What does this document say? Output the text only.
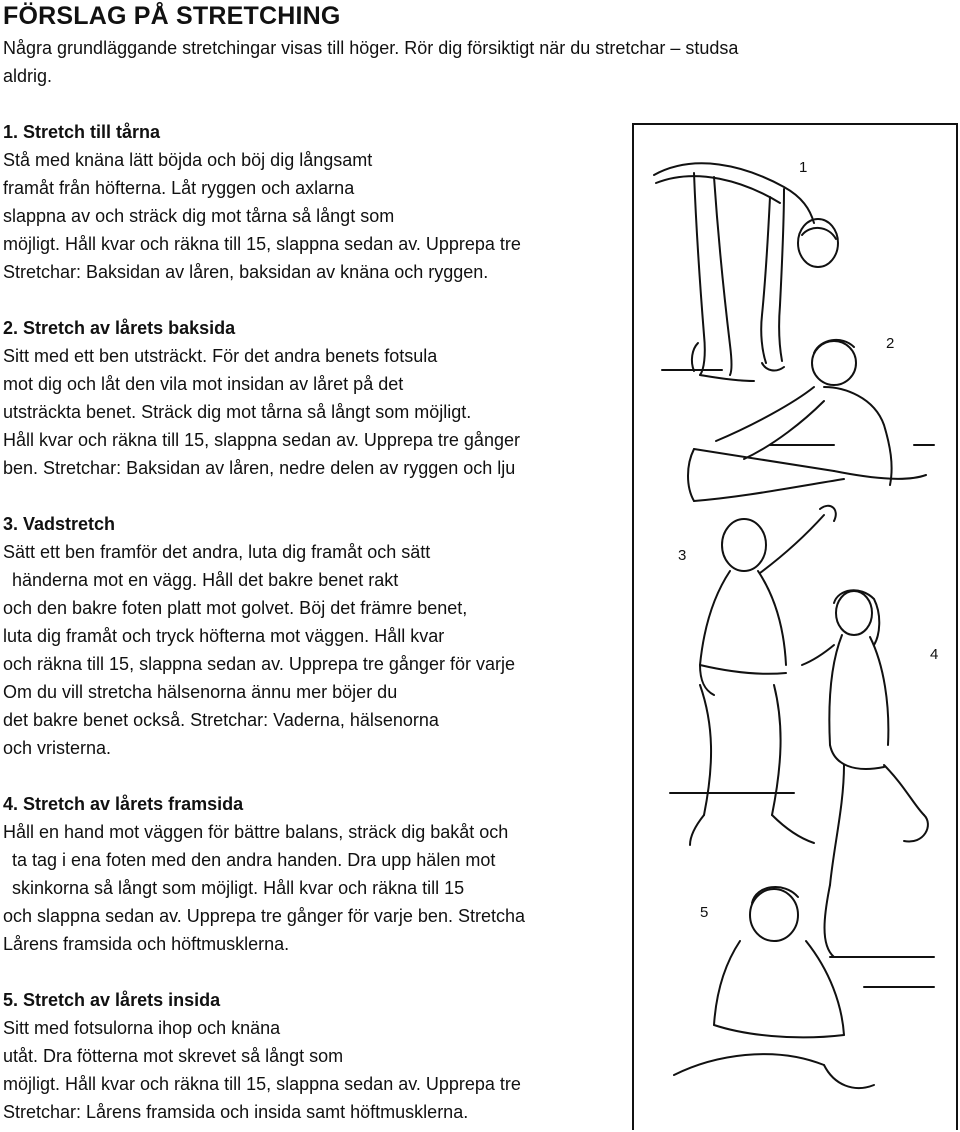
FÖRSLAG PÅ STRETCHING
Några grundläggande stretchingar visas till höger. Rör dig försiktigt när du stretchar – studsa
aldrig.
1. Stretch till tårna
Stå med knäna lätt böjda och böj dig långsamt
framåt från höfterna. Låt ryggen och axlarna
slappna av och sträck dig mot tårna så långt som
möjligt. Håll kvar och räkna till 15, slappna sedan av. Upprepa tre
Stretchar: Baksidan av låren, baksidan av knäna och ryggen.
2. Stretch av lårets baksida
Sitt med ett ben utsträckt. För det andra benets fotsula
mot dig och låt den vila mot insidan av låret på det
utsträckta benet. Sträck dig mot tårna så långt som möjligt.
Håll kvar och räkna till 15, slappna sedan av. Upprepa tre gånger
ben. Stretchar: Baksidan av låren, nedre delen av ryggen och lju
3. Vadstretch
Sätt ett ben framför det andra, luta dig framåt och sätt
händerna mot en vägg. Håll det bakre benet rakt
och den bakre foten platt mot golvet. Böj det främre benet,
luta dig framåt och tryck höfterna mot väggen. Håll kvar
och räkna till 15, slappna sedan av. Upprepa tre gånger för varje
Om du vill stretcha hälsenorna ännu mer böjer du
det bakre benet också. Stretchar: Vaderna, hälsenorna
och vristerna.
4. Stretch av lårets framsida
Håll en hand mot väggen för bättre balans, sträck dig bakåt och
ta tag i ena foten med den andra handen. Dra upp hälen mot
skinkorna så långt som möjligt. Håll kvar och räkna till 15
och slappna sedan av. Upprepa tre gånger för varje ben. Stretcha
Lårens framsida och höftmusklerna.
5. Stretch av lårets insida
Sitt med fotsulorna ihop och knäna
utåt. Dra fötterna mot skrevet så långt som
möjligt. Håll kvar och räkna till 15, slappna sedan av. Upprepa tre
Stretchar: Lårens framsida och insida samt höftmusklerna.
1
2
3
4
5
